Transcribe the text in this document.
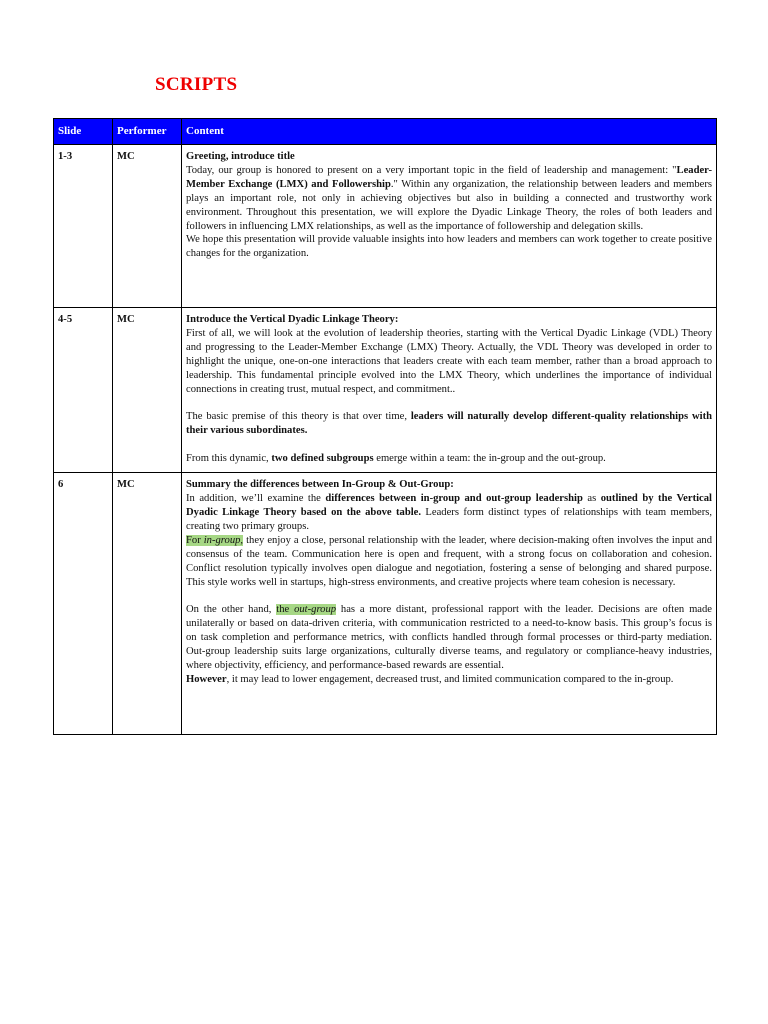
SCRIPTS
Slide	Performer	Content
1-3	MC	Greeting, introduce title

Today, our group is honored to present on a very important topic in the field of leadership and management: "Leader-Member Exchange (LMX) and Followership." Within any organization, the relationship between leaders and members plays an important role, not only in achieving objectives but also in building a connected and trustworthy work environment. Throughout this presentation, we will explore the Dyadic Linkage Theory, the roles of both leaders and followers in influencing LMX relationships, as well as the importance of followership and delegation skills.

We hope this presentation will provide valuable insights into how leaders and members can work together to create positive changes for the organization.

4-5	MC	Introduce the Vertical Dyadic Linkage Theory:

First of all, we will look at the evolution of leadership theories, starting with the Vertical Dyadic Linkage (VDL) Theory and progressing to the Leader-Member Exchange (LMX) Theory. Actually, the VDL Theory was developed in order to highlight the unique, one-on-one interactions that leaders create with each team member, rather than a broad approach to leadership. This fundamental principle evolved into the LMX Theory, which underlines the importance of individual connections in creating trust, mutual respect, and commitment..

The basic premise of this theory is that over time, leaders will naturally develop different-quality relationships with their various subordinates.

From this dynamic, two defined subgroups emerge within a team: the in-group and the out-group.

6	MC	Summary the differences between In-Group & Out-Group:

In addition, we’ll examine the differences between in-group and out-group leadership as outlined by the Vertical Dyadic Linkage Theory based on the above table. Leaders form distinct types of relationships with team members, creating two primary groups.

For in-group, they enjoy a close, personal relationship with the leader, where decision-making often involves the input and consensus of the team. Communication here is open and frequent, with a strong focus on collaboration and cohesion. Conflict resolution typically involves open dialogue and negotiation, fostering a sense of belonging and shared purpose. This style works well in startups, high-stress environments, and creative projects where team cohesion is necessary.

On the other hand, the out-group has a more distant, professional rapport with the leader. Decisions are often made unilaterally or based on data-driven criteria, with communication restricted to a need-to-know basis. This group’s focus is on task completion and performance metrics, with conflicts handled through formal processes or third-party mediation. Out-group leadership suits large organizations, culturally diverse teams, and regulatory or compliance-heavy industries, where objectivity, efficiency, and performance-based rewards are essential.

However, it may lead to lower engagement, decreased trust, and limited communication compared to the in-group.
